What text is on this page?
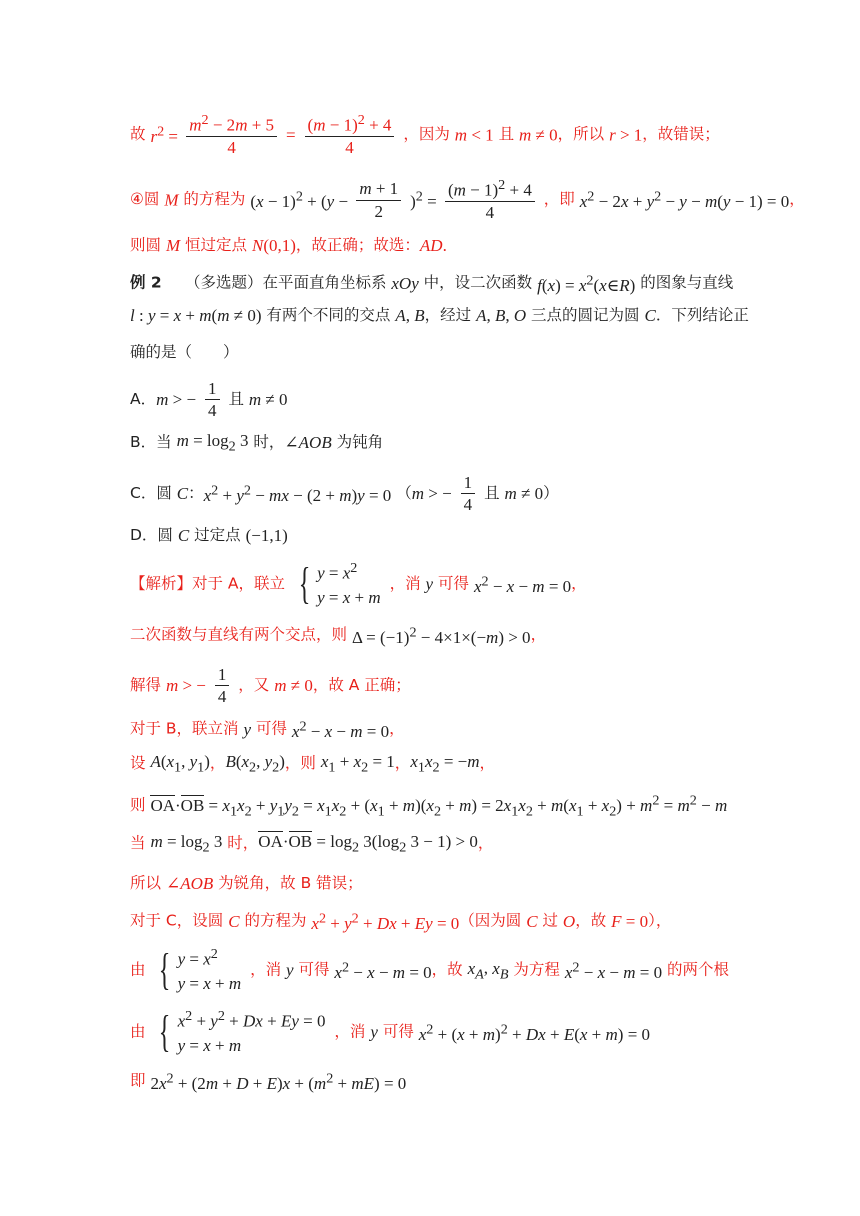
故 $r^2 = \frac{m^2 - 2m + 5}{4} = \frac{(m - 1)^2 + 4}{4}$ ，因为 m < 1 且 m ≠ 0，所以 r > 1，故错误；
④圆 M 的方程为 $(x - 1)^2 + (y - \frac{m + 1}{2} )^2 = \frac{(m - 1)^2 + 4}{4}$ ，即 $x^2 - 2x + y^2 - y - m(y - 1) = 0$，
则圆 M 恒过定点 N(0,1)，故正确；故选：AD.
例 2　　（多选题）在平面直角坐标系 xOy 中，设二次函数 $f(x) = x^2(x\in R)$ 的图象与直线
l : y = x + m(m ≠ 0) 有两个不同的交点 A, B，经过 A, B, O 三点的圆记为圆 C．下列结论正
确的是（　　）
A．m > − $\frac{1}{4}$ 且 m ≠ 0
B．当 $m = \log_2 3$ 时，∠AOB 为钝角
C．圆 C：$x^2 + y^2$ − mx − (2 + m)y = 0 （m > − $\frac{1}{4}$ 且 m ≠ 0）
D．圆 C 过定点 (−1,1)
【解析】对于 A，联立 { $y = x^2$
y = x + m
，消 y 可得 $x^2 - x - m = 0$，
二次函数与直线有两个交点，则 $\Delta = (-1)^2 - 4\times 1\times(-m) > 0$，
解得 m > − $\frac{1}{4}$ ，又 m ≠ 0，故 A 正确；
对于 B，联立消 y 可得 $x^2 - x - m = 0$，
设 $A(x_1$, $y_1$)，$B(x_2$, $y_2$)，则 $x_1 + x_2 = 1$，$x_1x_2 = -m$，
则 $OA\cdot OB = x_1x_2 + y_1y_2 = x_1x_2 + (x_1 + m)(x_2 + m) = 2x_1x_2 + m(x_1 + x_2) + m^2 = m^2 - m$
当 $m = \log_2 3$ 时，$OA\cdot OB = \log_2 3(\log_2$ 3 − 1) > 0，
所以 ∠AOB 为锐角，故 B 错误；
对于 C，设圆 C 的方程为 $x^2 + y^2 + Dx + Ey = 0$（因为圆 C 过 O，故 F = 0），
由 { $y = x^2$
y = x + m
，消 y 可得 $x^2 - x - m = 0$，故 $x_A$, $x_B$ 为方程 $x^2 - x - m = 0$ 的两个根
由 { $x^2 + y^2 + Dx + Ey = 0$
y = x + m
，消 y 可得 $x^2 + (x + m)^2 + Dx + E(x + m) = 0$
即 $2x^2 + (2m + D + E)x + (m^2 + mE) = 0$
